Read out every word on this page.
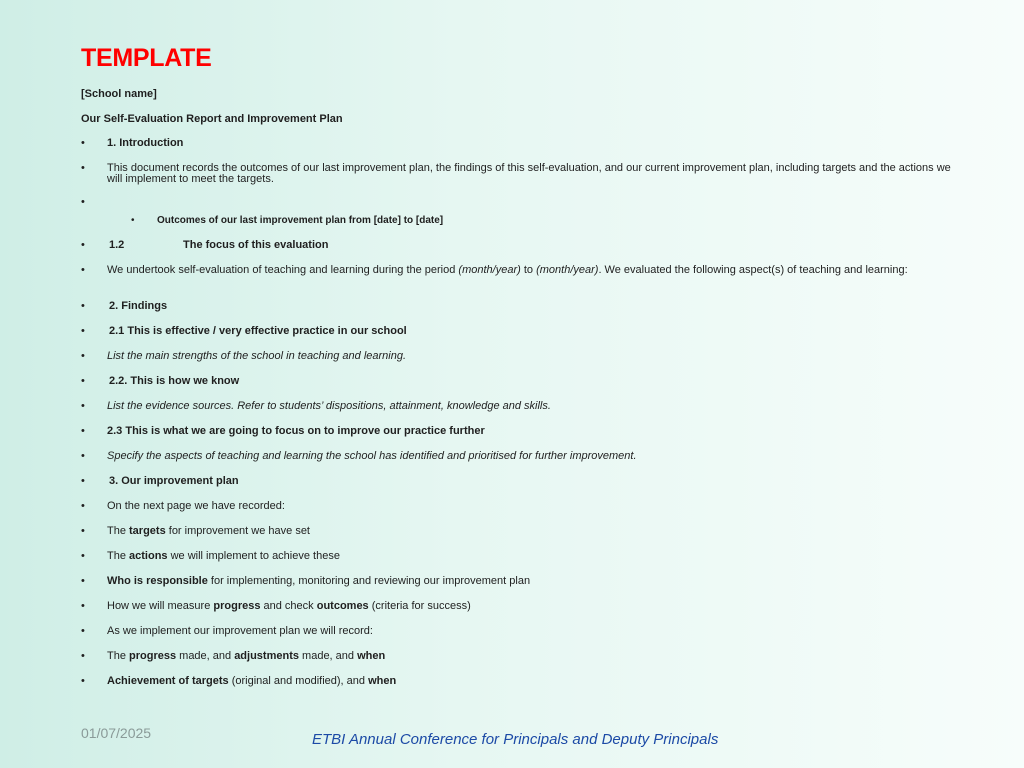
TEMPLATE
[School name]
Our Self-Evaluation Report and Improvement Plan
• 1. Introduction
• This document records the outcomes of our last improvement plan, the findings of this self-evaluation, and our current improvement plan, including targets and the actions we will implement to meet the targets.
•
• Outcomes of our last improvement plan from [date] to [date]
• 1.2	The focus of this evaluation
• We undertook self-evaluation of teaching and learning during the period (month/year) to (month/year). We evaluated the following aspect(s) of teaching and learning:
• 2. Findings
• 2.1 This is effective / very effective practice in our school
• List the main strengths of the school in teaching and learning.
• 2.2. This is how we know
• List the evidence sources. Refer to students’ dispositions, attainment, knowledge and skills.
• 2.3 This is what we are going to focus on to improve our practice further
• Specify the aspects of teaching and learning the school has identified and prioritised for further improvement.
• 3. Our improvement plan
• On the next page we have recorded:
• The targets for improvement we have set
• The actions we will implement to achieve these
• Who is responsible for implementing, monitoring and reviewing our improvement plan
• How we will measure progress and check outcomes (criteria for success)
• As we implement our improvement plan we will record:
• The progress made, and adjustments made, and when
• Achievement of targets (original and modified), and when
01/07/2025	ETBI Annual Conference for Principals and Deputy Principals
